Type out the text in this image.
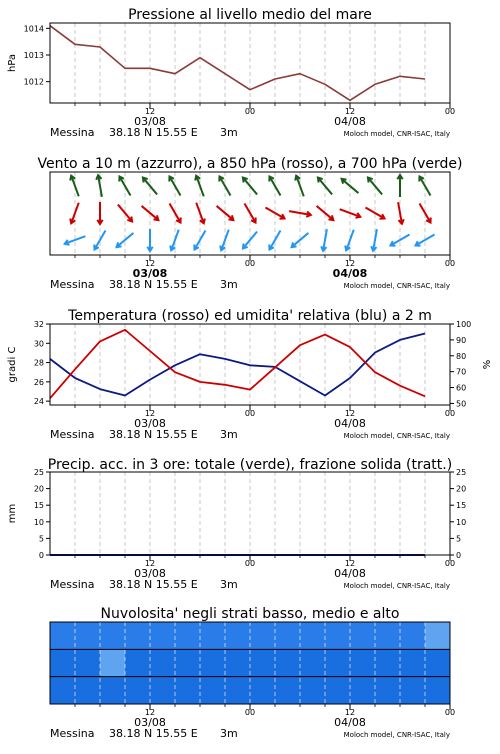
Pressione al livello medio del mare
1012
1013
1014
hPa
12	00	12	00
03/08	04/08
Messina 38.18 N 15.55 E 3m	Moloch model, CNR-ISAC, Italy
Vento a 10 m (azzurro), a 850 hPa (rosso), a 700 hPa (verde)
12	00	12	00
03/08	04/08
Messina 38.18 N 15.55 E 3m	Moloch model, CNR-ISAC, Italy
Temperatura (rosso) ed umidita' relativa (blu) a 2 m
24
26
28
30
32
50
60
70
80
90
100
gradi C	%
12	00	12	00
03/08	04/08
Messina 38.18 N 15.55 E 3m	Moloch model, CNR-ISAC, Italy
Precip. acc. in 3 ore: totale (verde), frazione solida (tratt.)
0
5
10
15
20
25
0
5
10
15
20
25
mm
12	00	12	00
03/08	04/08
Messina 38.18 N 15.55 E 3m	Moloch model, CNR-ISAC, Italy
Nuvolosita' negli strati basso, medio e alto
12	00	12	00
03/08	04/08
Messina 38.18 N 15.55 E 3m	Moloch model, CNR-ISAC, Italy
